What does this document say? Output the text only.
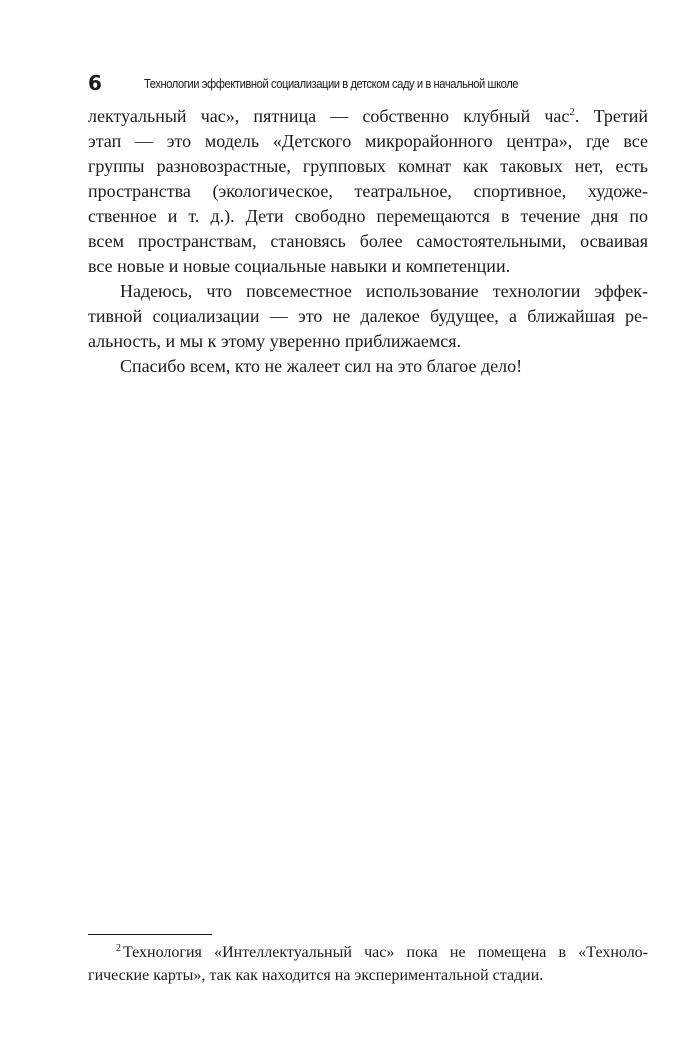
6	Технологии эффективной социализации в детском саду и в начальной школе
лектуальный час», пятница — собственно клубный час$^2$. Третий
этап — это модель «Детского микрорайонного центра», где все
группы разновозрастные, групповых комнат как таковых нет, есть
пространства (экологическое, театральное, спортивное, художе-
ственное и т. д.). Дети свободно перемещаются в течение дня по
всем пространствам, становясь более самостоятельными, осваивая
все новые и новые социальные навыки и компетенции.
Надеюсь, что повсеместное использование технологии эффек-
тивной социализации — это не далекое будущее, а ближайшая ре-
альность, и мы к этому уверенно приближаемся.
Спасибо всем, кто не жалеет сил на это благое дело!
$^2$ Технология «Интеллектуальный час» пока не помещена в «Техноло-
гические карты», так как находится на экспериментальной стадии.
